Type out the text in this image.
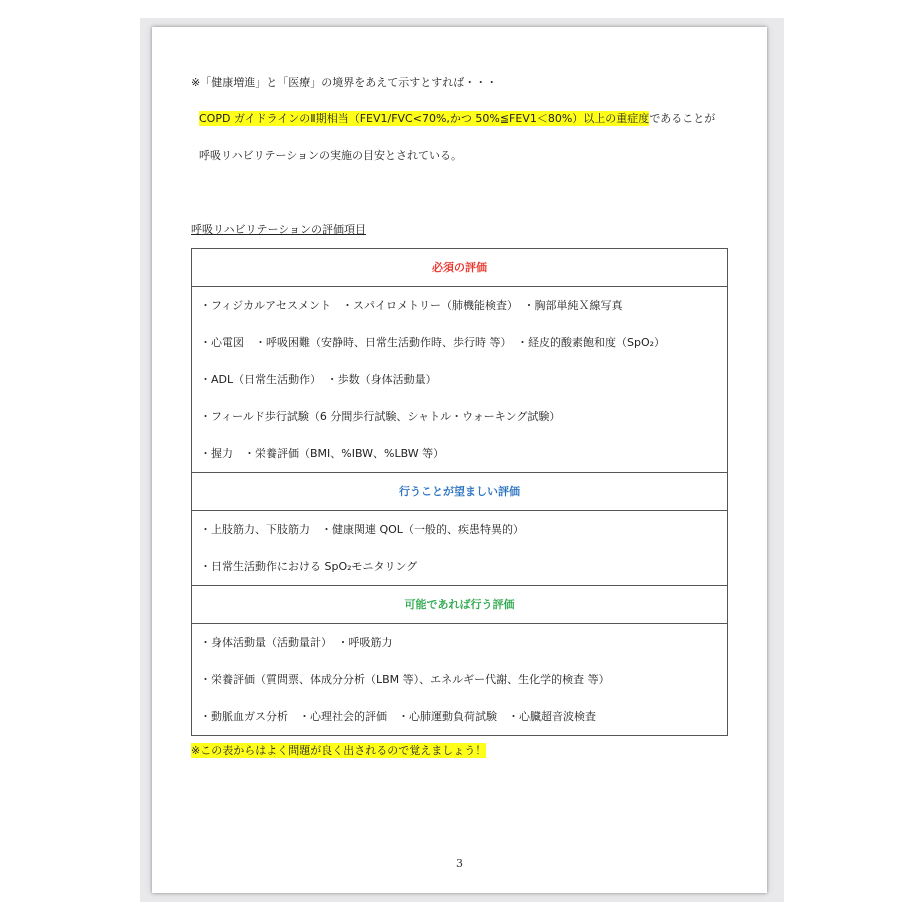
※「健康増進」と「医療」の境界をあえて示すとすれば・・・
COPD ガイドラインのⅡ期相当（FEV1/FVC<70%,かつ 50%≦FEV1＜80%）以上の重症度であることが
呼吸リハビリテーションの実施の目安とされている。
呼吸リハビリテーションの評価項目
必須の評価
・フィジカルアセスメント　・スパイロメトリー（肺機能検査）　・胸部単純Ｘ線写真
・心電図　・呼吸困難（安静時、日常生活動作時、歩行時 等）　・経皮的酸素飽和度（SpO₂）
・ADL（日常生活動作）　・歩数（身体活動量）
・フィールド歩行試験（6 分間歩行試験、シャトル・ウォーキング試験）
・握力　・栄養評価（BMI、%IBW、%LBW 等）
行うことが望ましい評価
・上肢筋力、下肢筋力　・健康関連 QOL（一般的、疾患特異的）
・日常生活動作における SpO₂モニタリング
可能であれば行う評価
・身体活動量（活動量計）　・呼吸筋力
・栄養評価（質問票、体成分分析（LBM 等）、エネルギー代謝、生化学的検査 等）
・動脈血ガス分析　・心理社会的評価　・心肺運動負荷試験　・心臓超音波検査
※この表からはよく問題が良く出されるので覚えましょう！
3
